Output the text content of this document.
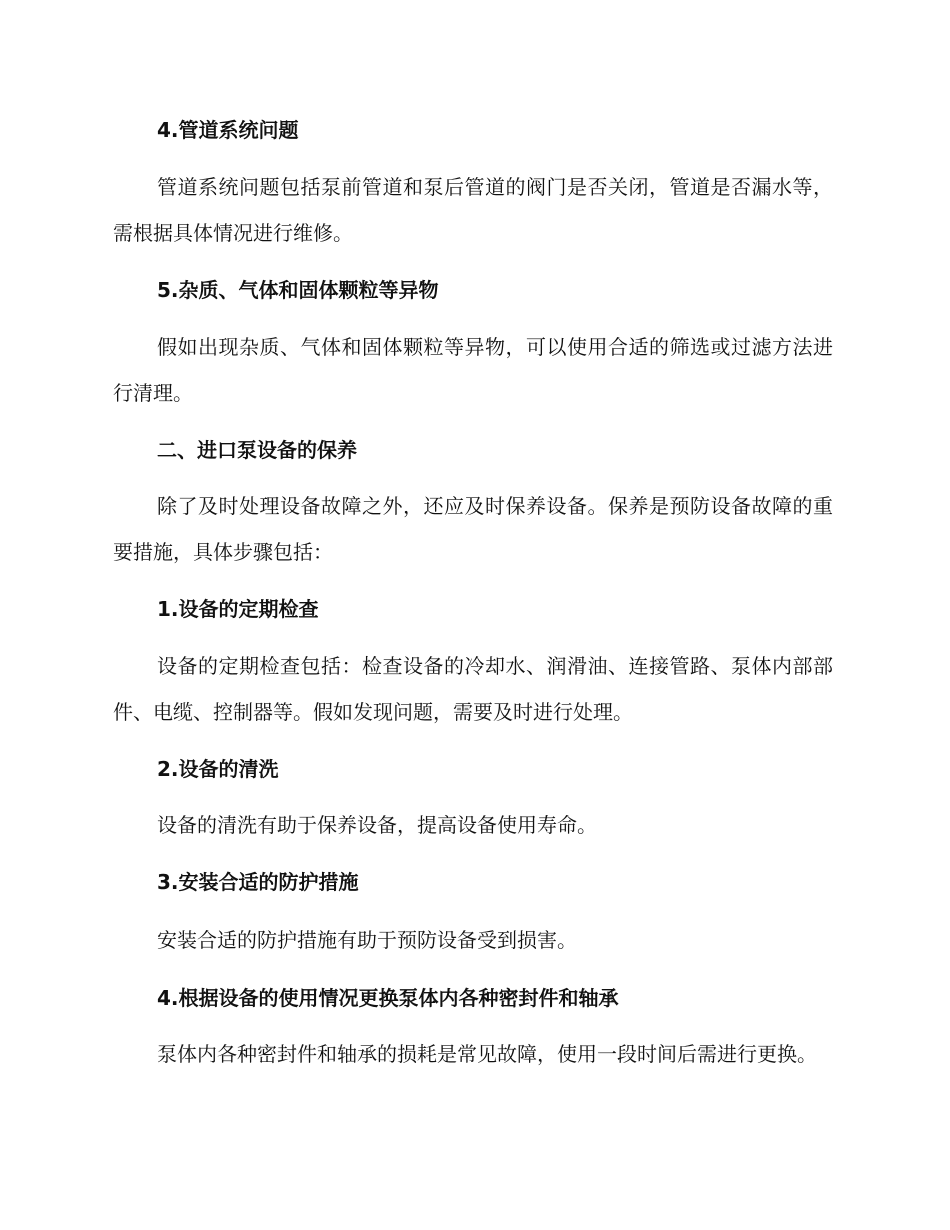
4.管道系统问题
管道系统问题包括泵前管道和泵后管道的阀门是否关闭，管道是否漏水等，需根据具体情况进行维修。
5.杂质、气体和固体颗粒等异物
假如出现杂质、气体和固体颗粒等异物，可以使用合适的筛选或过滤方法进行清理。
二、进口泵设备的保养
除了及时处理设备故障之外，还应及时保养设备。保养是预防设备故障的重要措施，具体步骤包括：
1.设备的定期检查
设备的定期检查包括：检查设备的冷却水、润滑油、连接管路、泵体内部部件、电缆、控制器等。假如发现问题，需要及时进行处理。
2.设备的清洗
设备的清洗有助于保养设备，提高设备使用寿命。
3.安装合适的防护措施
安装合适的防护措施有助于预防设备受到损害。
4.根据设备的使用情况更换泵体内各种密封件和轴承
泵体内各种密封件和轴承的损耗是常见故障，使用一段时间后需进行更换。
